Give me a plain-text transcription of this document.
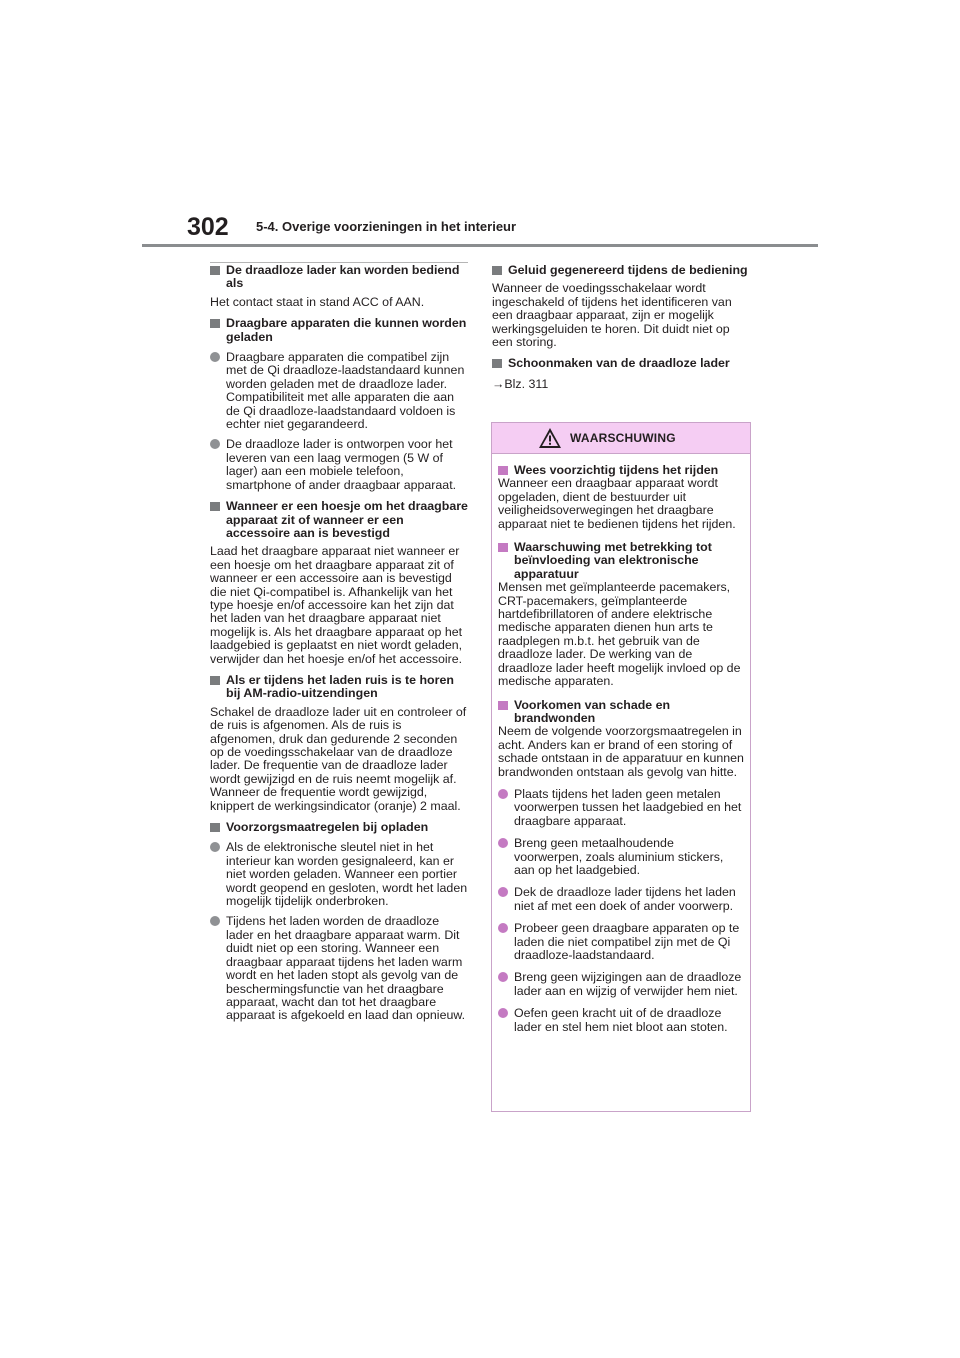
302 5-4. Overige voorzieningen in het interieur
De draadloze lader kan worden bediend als
Het contact staat in stand ACC of AAN.
Draagbare apparaten die kunnen worden geladen
Draagbare apparaten die compatibel zijn met de Qi draadloze-laadstandaard kunnen worden geladen met de draadloze lader. Compatibiliteit met alle apparaten die aan de Qi draadloze-laadstandaard voldoen is echter niet gegarandeerd.
De draadloze lader is ontworpen voor het leveren van een laag vermogen (5 W of lager) aan een mobiele telefoon, smartphone of ander draagbaar apparaat.
Wanneer er een hoesje om het draagbare apparaat zit of wanneer er een accessoire aan is bevestigd
Laad het draagbare apparaat niet wanneer er een hoesje om het draagbare apparaat zit of wanneer er een accessoire aan is bevestigd die niet Qi-compatibel is. Afhankelijk van het type hoesje en/of accessoire kan het zijn dat het laden van het draagbare apparaat niet mogelijk is. Als het draagbare apparaat op het laadgebied is geplaatst en niet wordt geladen, verwijder dan het hoesje en/of het accessoire.
Als er tijdens het laden ruis is te horen bij AM-radio-uitzendingen
Schakel de draadloze lader uit en controleer of de ruis is afgenomen. Als de ruis is afgenomen, druk dan gedurende 2 seconden op de voedingsschakelaar van de draadloze lader. De frequentie van de draadloze lader wordt gewijzigd en de ruis neemt mogelijk af. Wanneer de frequentie wordt gewijzigd, knippert de werkingsindicator (oranje) 2 maal.
Voorzorgsmaatregelen bij opladen
Als de elektronische sleutel niet in het interieur kan worden gesignaleerd, kan er niet worden geladen. Wanneer een portier wordt geopend en gesloten, wordt het laden mogelijk tijdelijk onderbroken.
Tijdens het laden worden de draadloze lader en het draagbare apparaat warm. Dit duidt niet op een storing. Wanneer een draagbaar apparaat tijdens het laden warm wordt en het laden stopt als gevolg van de beschermingsfunctie van het draagbare apparaat, wacht dan tot het draagbare apparaat is afgekoeld en laad dan opnieuw.
Geluid gegenereerd tijdens de bediening
Wanneer de voedingsschakelaar wordt ingeschakeld of tijdens het identificeren van een draagbaar apparaat, zijn er mogelijk werkingsgeluiden te horen. Dit duidt niet op een storing.
Schoonmaken van de draadloze lader
→Blz. 311
WAARSCHUWING
Wees voorzichtig tijdens het rijden
Wanneer een draagbaar apparaat wordt opgeladen, dient de bestuurder uit veiligheidsoverwegingen het draagbare apparaat niet te bedienen tijdens het rijden.
Waarschuwing met betrekking tot beïnvloeding van elektronische apparatuur
Mensen met geïmplanteerde pacemakers, CRT-pacemakers, geïmplanteerde hartdefibrillatoren of andere elektrische medische apparaten dienen hun arts te raadplegen m.b.t. het gebruik van de draadloze lader. De werking van de draadloze lader heeft mogelijk invloed op de medische apparaten.
Voorkomen van schade en brandwonden
Neem de volgende voorzorgsmaatregelen in acht. Anders kan er brand of een storing of schade ontstaan in de apparatuur en kunnen brandwonden ontstaan als gevolg van hitte.
Plaats tijdens het laden geen metalen voorwerpen tussen het laadgebied en het draagbare apparaat.
Breng geen metaalhoudende voorwerpen, zoals aluminium stickers, aan op het laadgebied.
Dek de draadloze lader tijdens het laden niet af met een doek of ander voorwerp.
Probeer geen draagbare apparaten op te laden die niet compatibel zijn met de Qi draadloze-laadstandaard.
Breng geen wijzigingen aan de draadloze lader aan en wijzig of verwijder hem niet.
Oefen geen kracht uit of de draadloze lader en stel hem niet bloot aan stoten.
